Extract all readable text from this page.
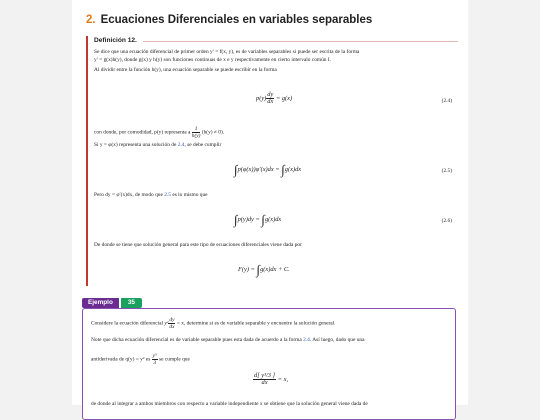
2. Ecuaciones Diferenciales en variables separables
Definición 12.
Se dice que una ecuación diferencial de primer orden y′ = f(x, y), es de variables separables si puede ser escrita de la forma
y′ = g(x)h(y), donde g(x) y h(y) son funciones continuas de x e y respectivamente en cierto intervalo común I.
Al dividir entre la función h(y), una ecuación separable se puede escribir en la forma
$p(y) \frac{dy}{dx} = g(x)$	(2.4)
con donde, por comodidad, p(y) representa a $\frac{1}{h(y)} (h(y) \ne 0)$.
Si y = φ(x) representa una solución de 2.4, se debe cumplir
∫p(φ(x))φ′(x)dx = ∫g(x)dx	(2.5)
Pero dy = φ′(x)dx, de modo que 2.5 es lo mismo que
∫p(y)dy = ∫g(x)dx	(2.6)
De donde se tiene que solución general para este tipo de ecuaciones diferenciales viene dada por
F(y) = ∫g(x)dx + C.
Ejemplo	35
Considere la ecuación diferencial $y^2 \frac{dy}{dx} = x$, determine si es de variable separable y encuentre la solución general.
Note que dicha ecuación diferencial es de variable separable pues esta dada de acuerdo a la forma 2.4. Así luego, dado que una
antiderivada de q(y) = y² es $\frac{\text{y³}}{3}$ se cumple que
$\frac{\text{d[ y³/3 ]}}{dx} = x$,
de donde al integrar a ambos miembros con respecto a variable independiente x se obtiene que la solución general viene dada de
